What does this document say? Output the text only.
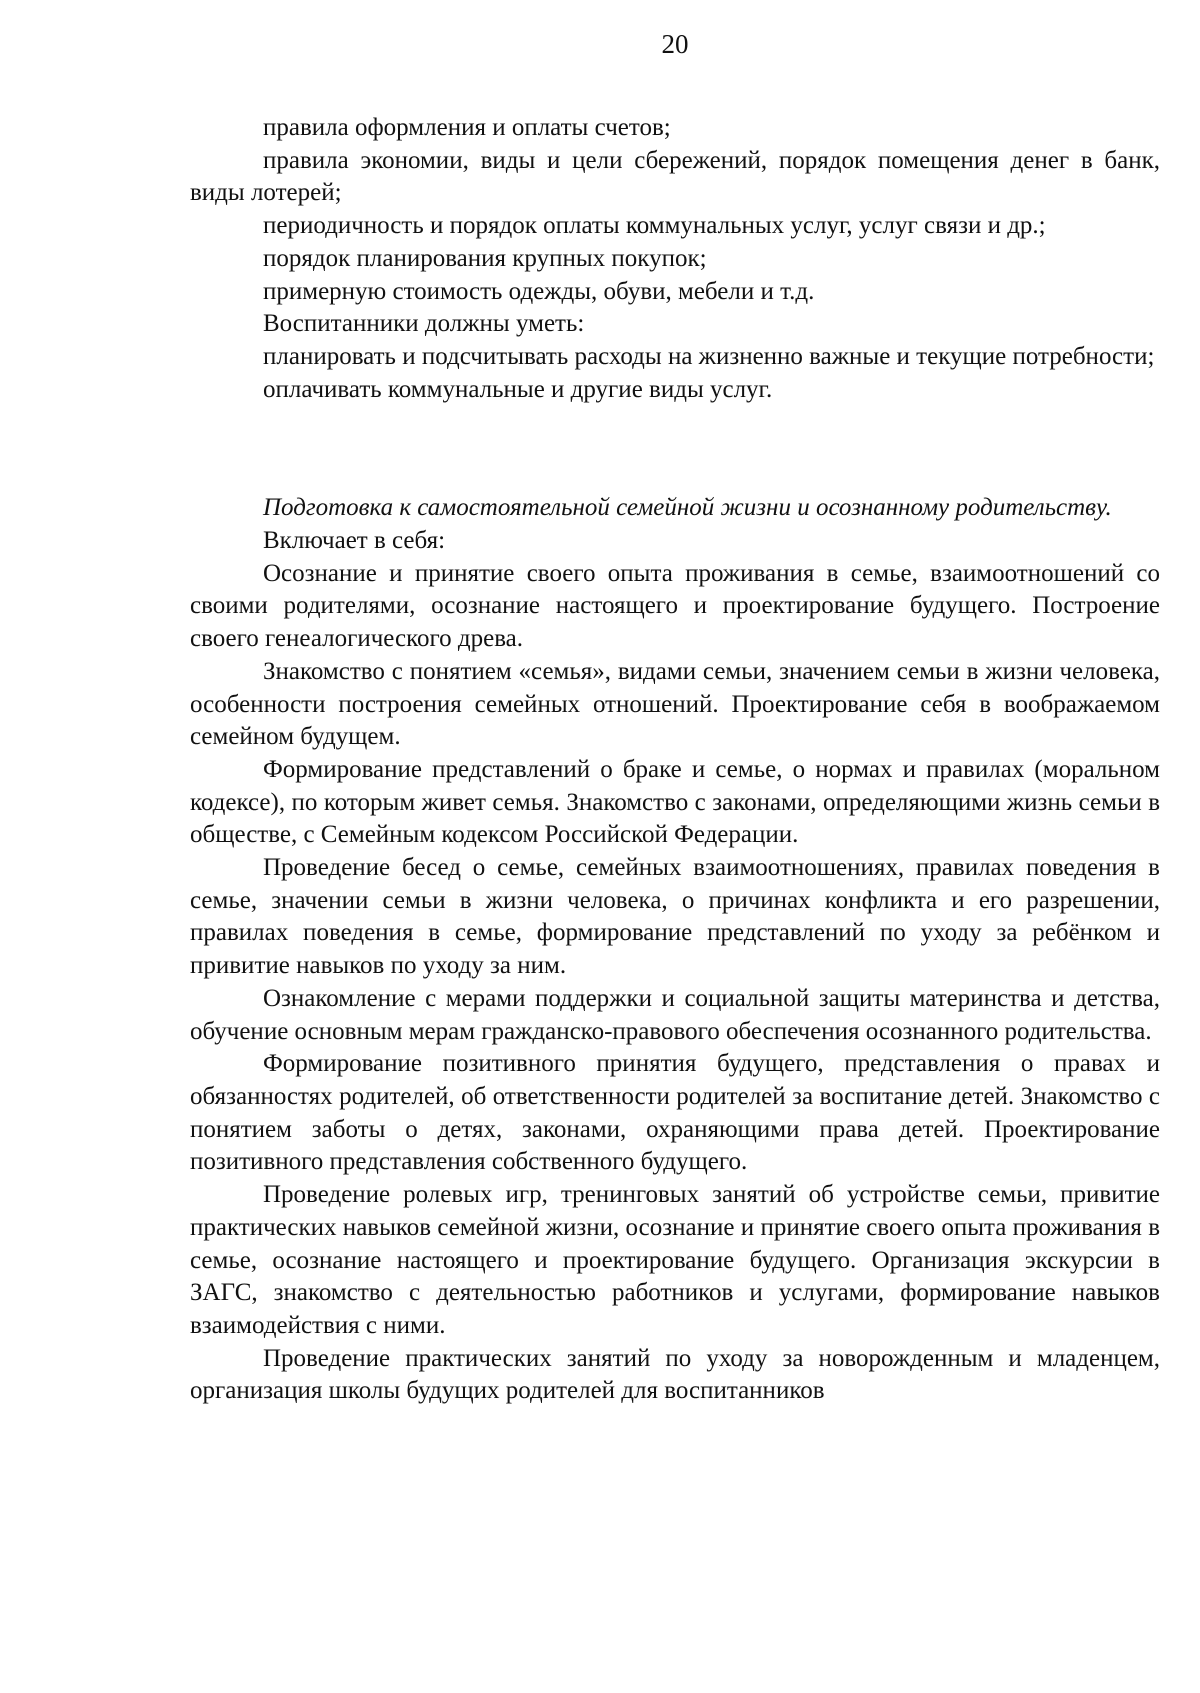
20

правила оформления и оплаты счетов;

правила экономии, виды и цели сбережений, порядок помещения денег в банк, виды лотерей;

периодичность и порядок оплаты коммунальных услуг, услуг связи и др.;

порядок планирования крупных покупок;

примерную стоимость одежды, обуви, мебели и т.д.

Воспитанники должны уметь:

планировать и подсчитывать расходы на жизненно важные и текущие потребности;

оплачивать коммунальные и другие виды услуг.

Подготовка к самостоятельной семейной жизни и осознанному родительству.

Включает в себя:

Осознание и принятие своего опыта проживания в семье, взаимоотношений со своими родителями, осознание настоящего и проектирование будущего. Построение своего генеалогического древа.

Знакомство с понятием «семья», видами семьи, значением семьи в жизни человека, особенности построения семейных отношений. Проектирование себя в воображаемом семейном будущем.

Формирование представлений о браке и семье, о нормах и правилах (моральном кодексе), по которым живет семья. Знакомство с законами, определяющими жизнь семьи в обществе, с Семейным кодексом Российской Федерации.

Проведение бесед о семье, семейных взаимоотношениях, правилах поведения в семье, значении семьи в жизни человека, о причинах конфликта и его разрешении, правилах поведения в семье, формирование представлений по уходу за ребёнком и привитие навыков по уходу за ним.

Ознакомление с мерами поддержки и социальной защиты материнства и детства, обучение основным мерам гражданско-правового обеспечения осознанного родительства.

Формирование позитивного принятия будущего, представления о правах и обязанностях родителей, об ответственности родителей за воспитание детей. Знакомство с понятием заботы о детях, законами, охраняющими права детей. Проектирование позитивного представления собственного будущего.

Проведение ролевых игр, тренинговых занятий об устройстве семьи, привитие практических навыков семейной жизни, осознание и принятие своего опыта проживания в семье, осознание настоящего и проектирование будущего. Организация экскурсии в ЗАГС, знакомство с деятельностью работников и услугами, формирование навыков взаимодействия с ними.

Проведение практических занятий по уходу за новорожденным и младенцем, организация школы будущих родителей для воспитанников
